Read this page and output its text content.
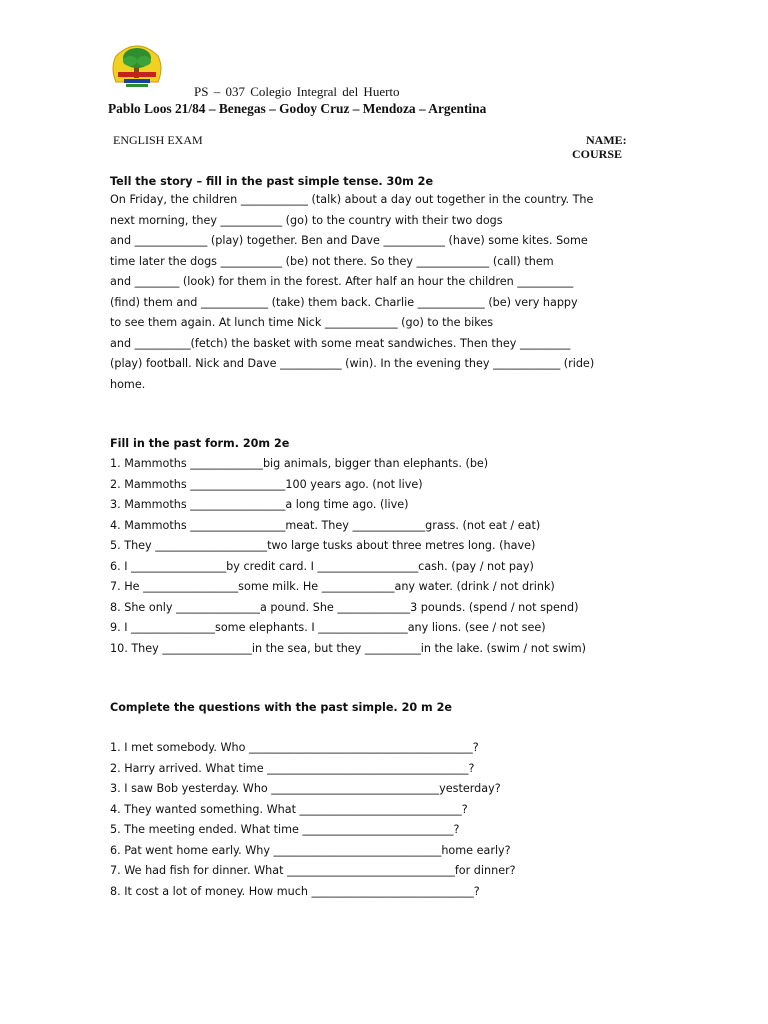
PS – 037 Colegio Integral del Huerto
Pablo Loos 21/84 – Benegas – Godoy Cruz – Mendoza – Argentina
ENGLISH EXAM	NAME:
COURSE
Tell the story – fill in the past simple tense. 30m 2e
On Friday, the children ____________ (talk) about a day out together in the country. The
next morning, they ___________ (go) to the country with their two dogs
and _____________ (play) together. Ben and Dave ___________ (have) some kites. Some
time later the dogs ___________ (be) not there. So they _____________ (call) them
and ________ (look) for them in the forest. After half an hour the children __________
(find) them and ____________ (take) them back. Charlie ____________ (be) very happy
to see them again. At lunch time Nick _____________ (go) to the bikes
and __________(fetch) the basket with some meat sandwiches. Then they _________
(play) football. Nick and Dave ___________ (win). In the evening they ____________ (ride)
home.
Fill in the past form. 20m 2e
1. Mammoths _____________big animals, bigger than elephants. (be)
2. Mammoths _________________100 years ago. (not live)
3. Mammoths _________________a long time ago. (live)
4. Mammoths _________________meat. They _____________grass. (not eat / eat)
5. They ____________________two large tusks about three metres long. (have)
6. I _________________by credit card. I __________________cash. (pay / not pay)
7. He _________________some milk. He _____________any water. (drink / not drink)
8. She only _______________a pound. She _____________3 pounds. (spend / not spend)
9. I _______________some elephants. I ________________any lions. (see / not see)
10. They ________________in the sea, but they __________in the lake. (swim / not swim)
Complete the questions with the past simple. 20 m 2e
1. I met somebody. Who ________________________________________?
2. Harry arrived. What time ____________________________________?
3. I saw Bob yesterday. Who ______________________________yesterday?
4. They wanted something. What _____________________________?
5. The meeting ended. What time ___________________________?
6. Pat went home early. Why ______________________________home early?
7. We had fish for dinner. What ______________________________for dinner?
8. It cost a lot of money. How much _____________________________?
